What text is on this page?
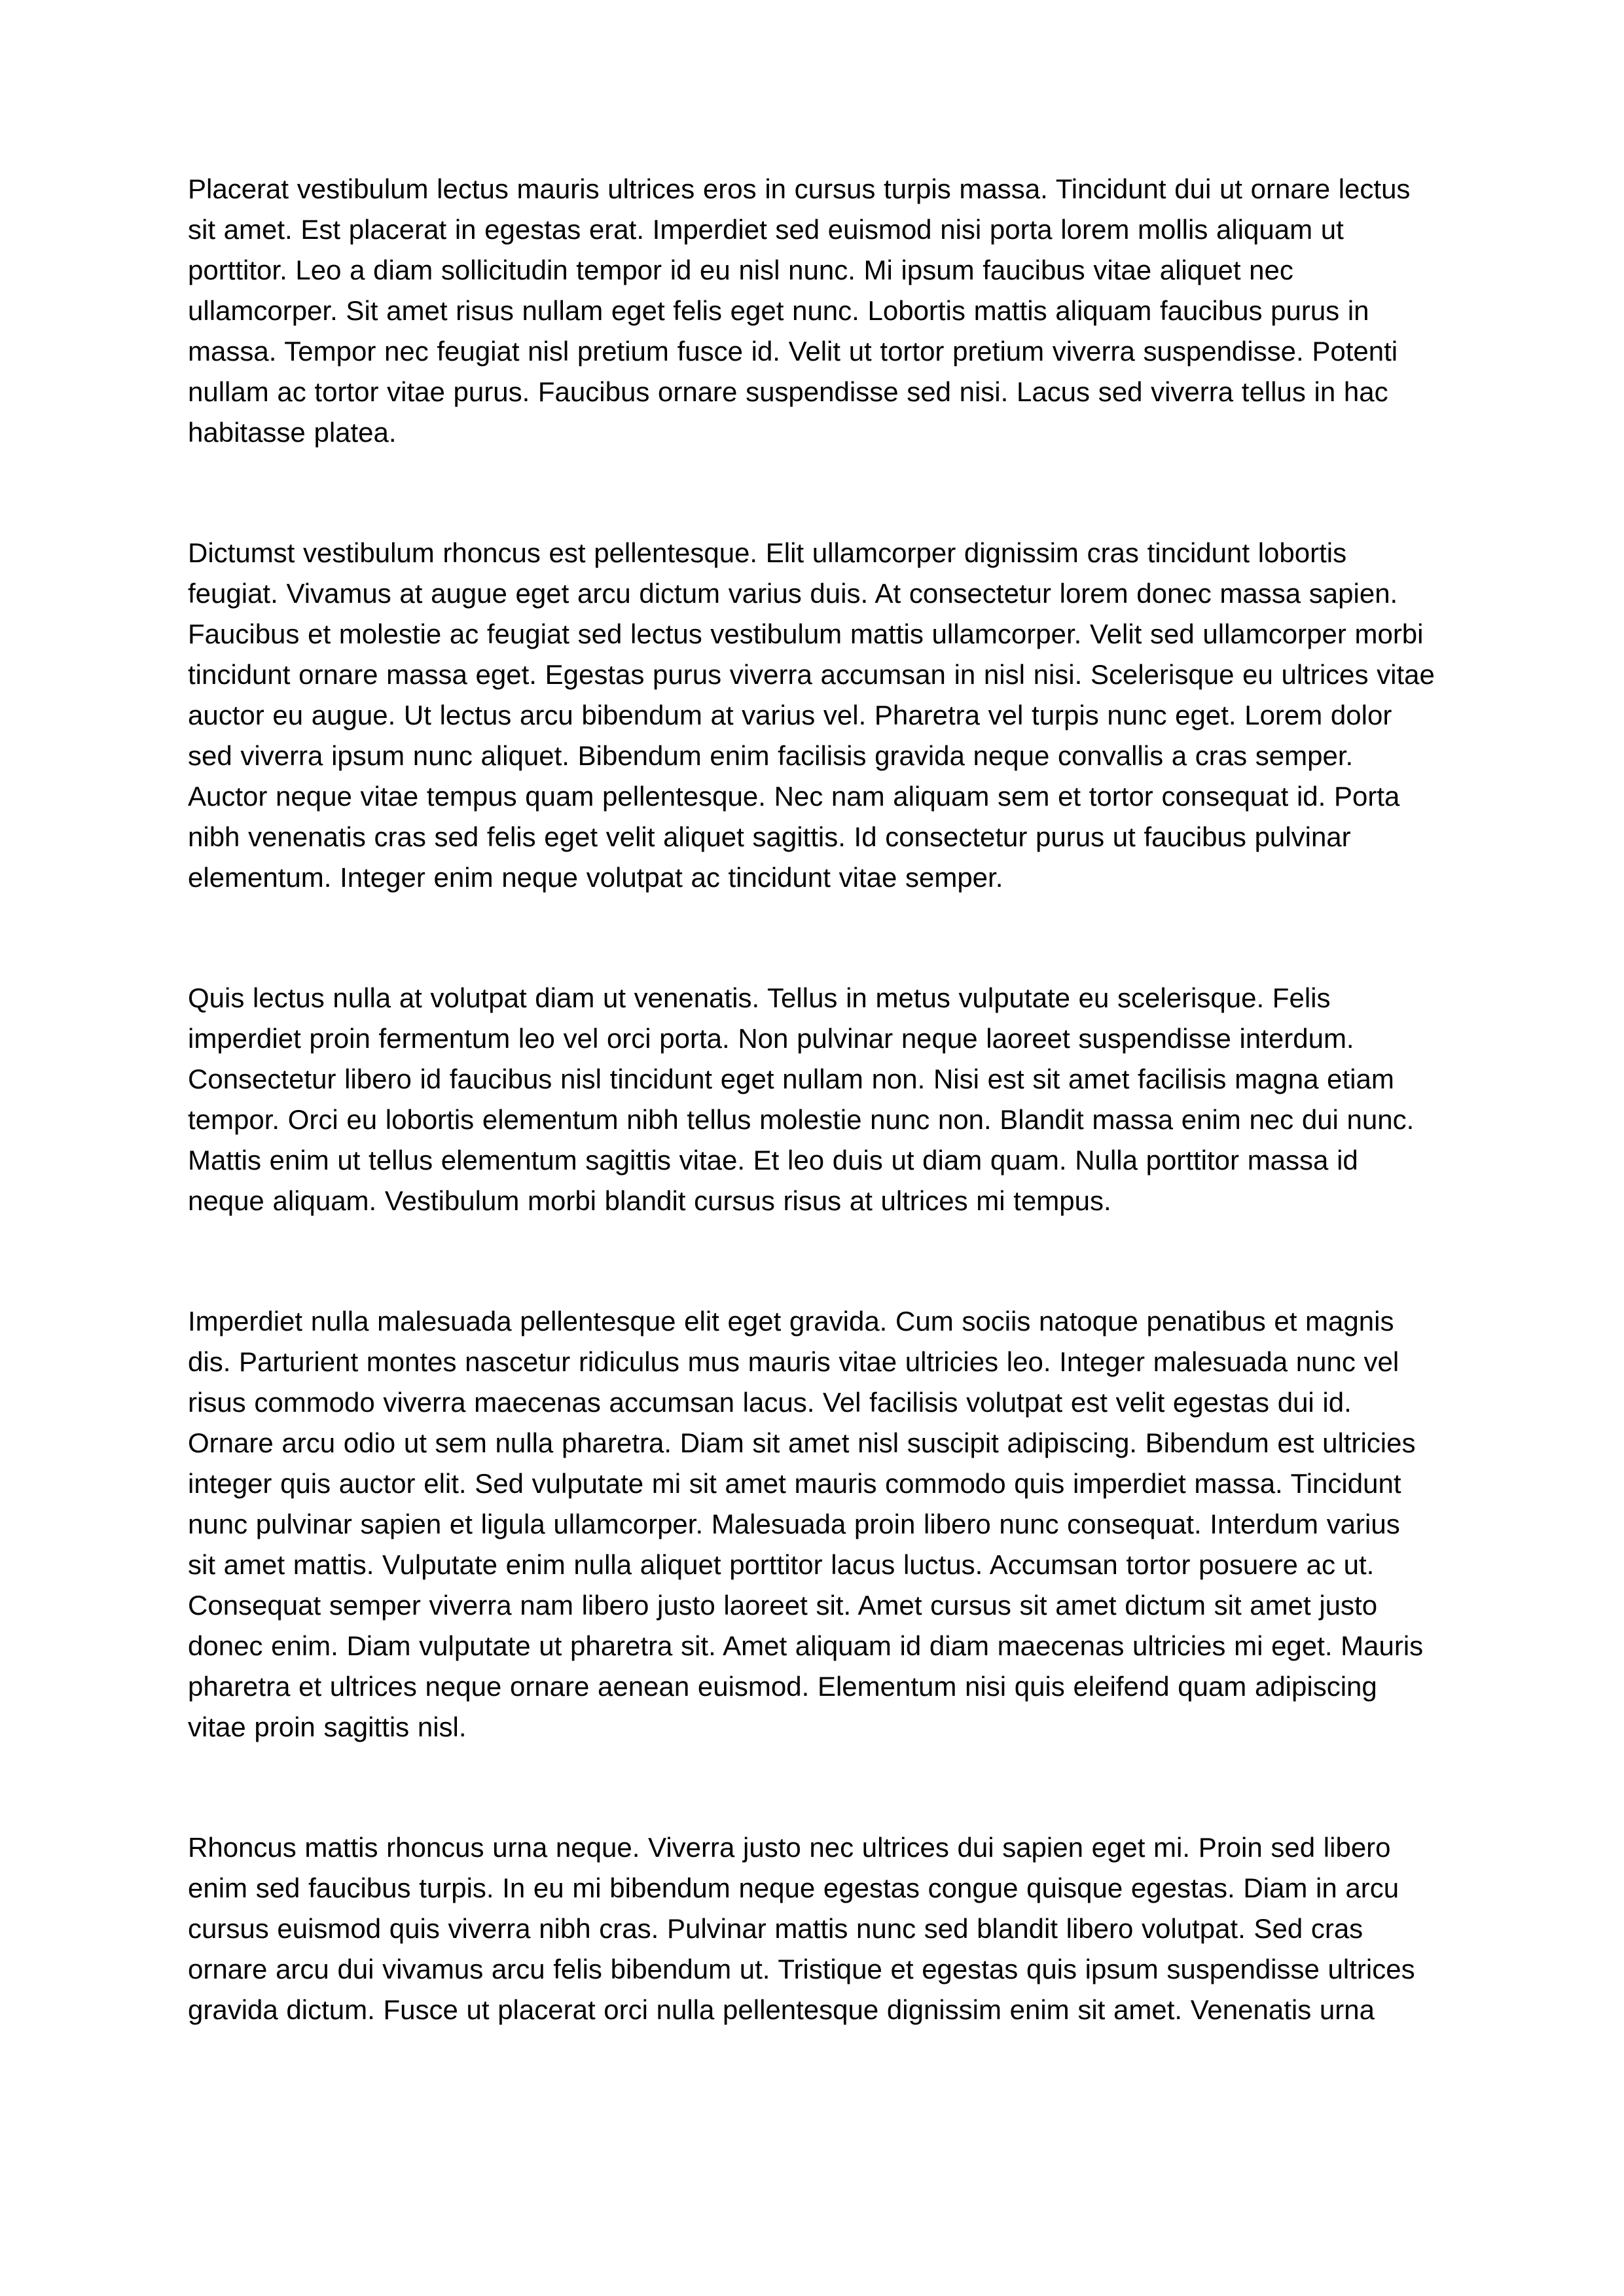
Placerat vestibulum lectus mauris ultrices eros in cursus turpis massa. Tincidunt dui ut ornare lectus sit amet. Est placerat in egestas erat. Imperdiet sed euismod nisi porta lorem mollis aliquam ut porttitor. Leo a diam sollicitudin tempor id eu nisl nunc. Mi ipsum faucibus vitae aliquet nec ullamcorper. Sit amet risus nullam eget felis eget nunc. Lobortis mattis aliquam faucibus purus in massa. Tempor nec feugiat nisl pretium fusce id. Velit ut tortor pretium viverra suspendisse. Potenti nullam ac tortor vitae purus. Faucibus ornare suspendisse sed nisi. Lacus sed viverra tellus in hac habitasse platea.

Dictumst vestibulum rhoncus est pellentesque. Elit ullamcorper dignissim cras tincidunt lobortis feugiat. Vivamus at augue eget arcu dictum varius duis. At consectetur lorem donec massa sapien. Faucibus et molestie ac feugiat sed lectus vestibulum mattis ullamcorper. Velit sed ullamcorper morbi tincidunt ornare massa eget. Egestas purus viverra accumsan in nisl nisi. Scelerisque eu ultrices vitae auctor eu augue. Ut lectus arcu bibendum at varius vel. Pharetra vel turpis nunc eget. Lorem dolor sed viverra ipsum nunc aliquet. Bibendum enim facilisis gravida neque convallis a cras semper. Auctor neque vitae tempus quam pellentesque. Nec nam aliquam sem et tortor consequat id. Porta nibh venenatis cras sed felis eget velit aliquet sagittis. Id consectetur purus ut faucibus pulvinar elementum. Integer enim neque volutpat ac tincidunt vitae semper.

Quis lectus nulla at volutpat diam ut venenatis. Tellus in metus vulputate eu scelerisque. Felis imperdiet proin fermentum leo vel orci porta. Non pulvinar neque laoreet suspendisse interdum. Consectetur libero id faucibus nisl tincidunt eget nullam non. Nisi est sit amet facilisis magna etiam tempor. Orci eu lobortis elementum nibh tellus molestie nunc non. Blandit massa enim nec dui nunc. Mattis enim ut tellus elementum sagittis vitae. Et leo duis ut diam quam. Nulla porttitor massa id neque aliquam. Vestibulum morbi blandit cursus risus at ultrices mi tempus.

Imperdiet nulla malesuada pellentesque elit eget gravida. Cum sociis natoque penatibus et magnis dis. Parturient montes nascetur ridiculus mus mauris vitae ultricies leo. Integer malesuada nunc vel risus commodo viverra maecenas accumsan lacus. Vel facilisis volutpat est velit egestas dui id. Ornare arcu odio ut sem nulla pharetra. Diam sit amet nisl suscipit adipiscing. Bibendum est ultricies integer quis auctor elit. Sed vulputate mi sit amet mauris commodo quis imperdiet massa. Tincidunt nunc pulvinar sapien et ligula ullamcorper. Malesuada proin libero nunc consequat. Interdum varius sit amet mattis. Vulputate enim nulla aliquet porttitor lacus luctus. Accumsan tortor posuere ac ut. Consequat semper viverra nam libero justo laoreet sit. Amet cursus sit amet dictum sit amet justo donec enim. Diam vulputate ut pharetra sit. Amet aliquam id diam maecenas ultricies mi eget. Mauris pharetra et ultrices neque ornare aenean euismod. Elementum nisi quis eleifend quam adipiscing vitae proin sagittis nisl.

Rhoncus mattis rhoncus urna neque. Viverra justo nec ultrices dui sapien eget mi. Proin sed libero enim sed faucibus turpis. In eu mi bibendum neque egestas congue quisque egestas. Diam in arcu cursus euismod quis viverra nibh cras. Pulvinar mattis nunc sed blandit libero volutpat. Sed cras ornare arcu dui vivamus arcu felis bibendum ut. Tristique et egestas quis ipsum suspendisse ultrices gravida dictum. Fusce ut placerat orci nulla pellentesque dignissim enim sit amet. Venenatis urna
